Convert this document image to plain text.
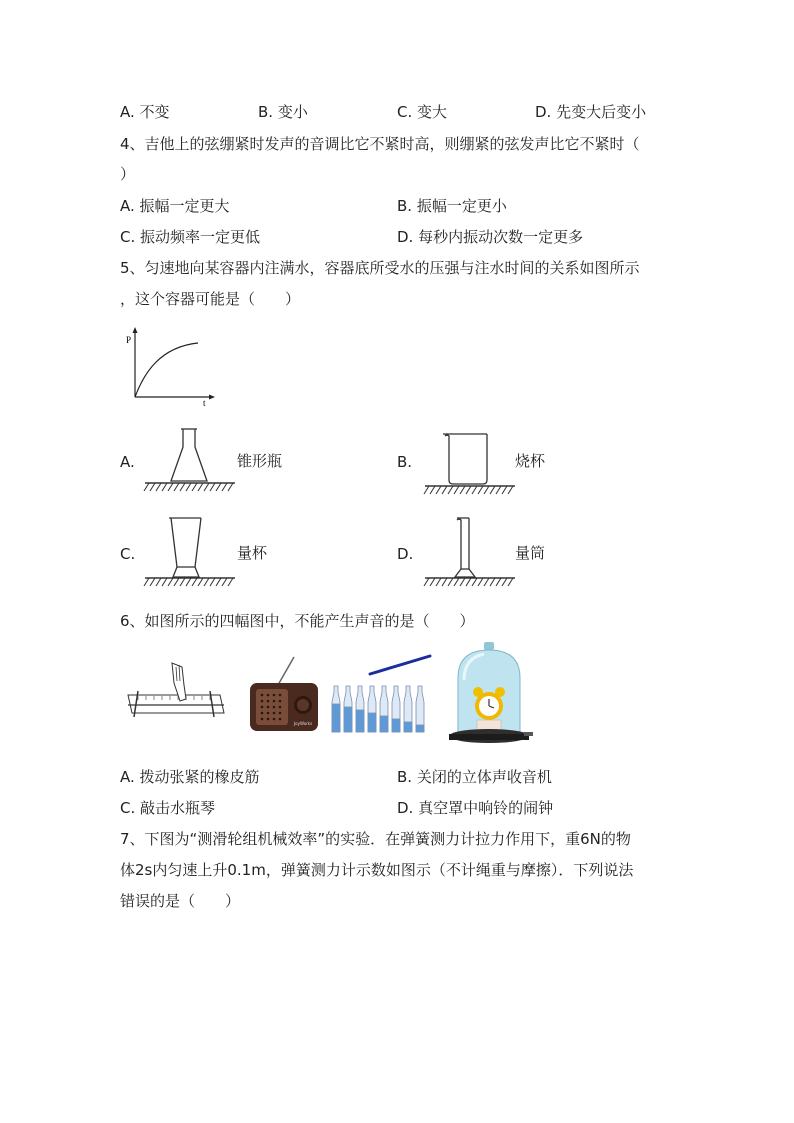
A. 不变	B. 变小	C. 变大	D. 先变大后变小
4、吉他上的弦绷紧时发声的音调比它不紧时高，则绷紧的弦发声比它不紧时（
）
A. 振幅一定更大	B. 振幅一定更小
C. 振动频率一定更低	D. 每秒内振动次数一定更多
5、匀速地向某容器内注满水，容器底所受水的压强与注水时间的关系如图所示
，这个容器可能是（　　）
P
t
A.	锥形瓶	B.	烧杯
C.	量杯	D.	量筒
6、如图所示的四幅图中，不能产生声音的是（　　）
JoyWorks
A. 拨动张紧的橡皮筋	B. 关闭的立体声收音机
C. 敲击水瓶琴	D. 真空罩中响铃的闹钟
7、下图为“测滑轮组机械效率”的实验．在弹簧测力计拉力作用下，重6N的物
体2s内匀速上升0.1m，弹簧测力计示数如图示（不计绳重与摩擦）．下列说法
错误的是（　　）
